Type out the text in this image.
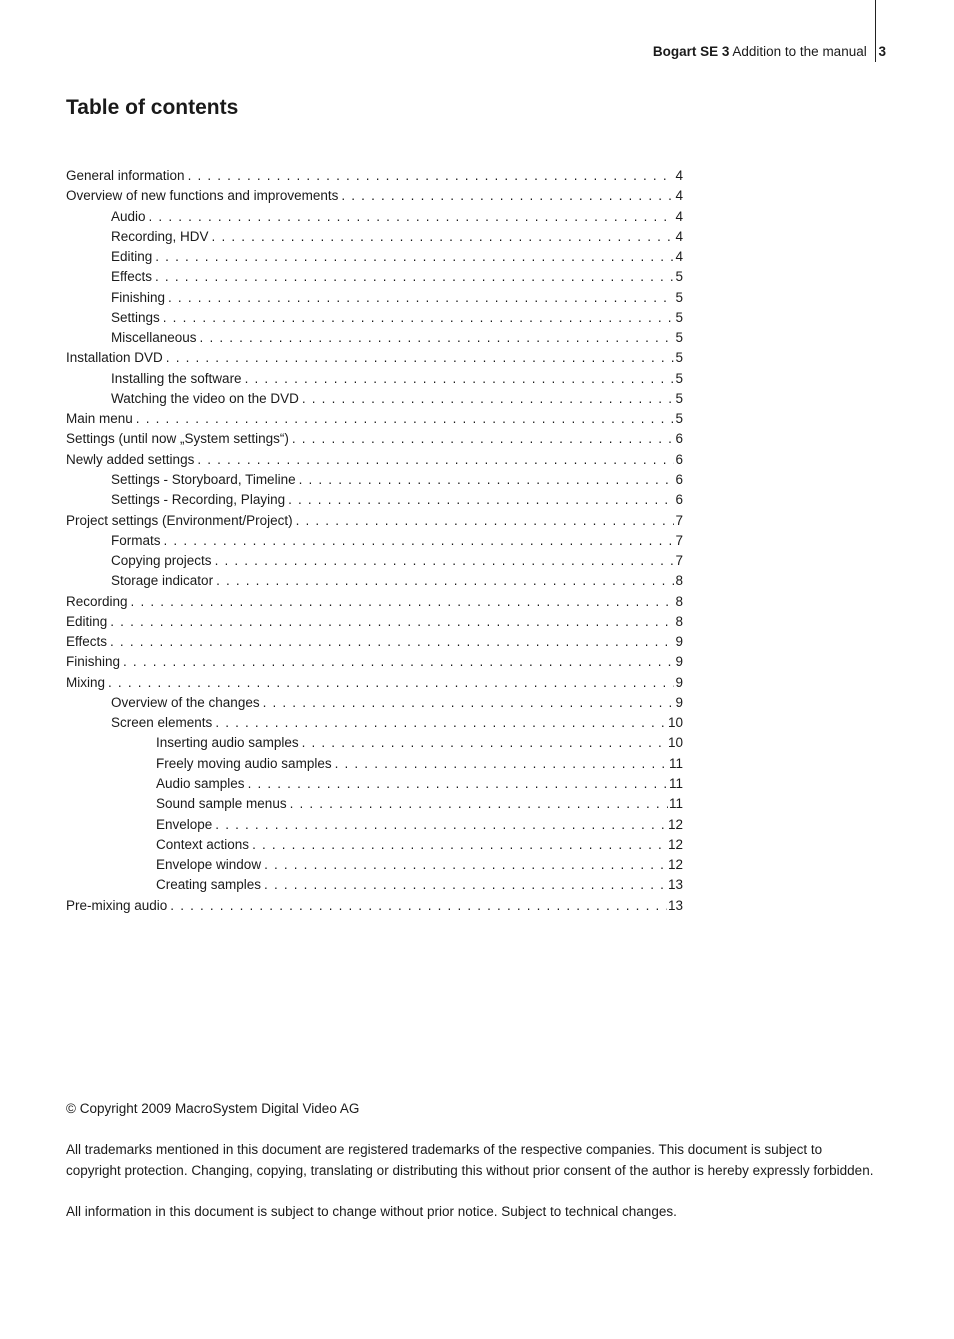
Bogart SE 3 Addition to the manual 3
Table of contents
General information . . .	4
Overview of new functions and improvements . . .	4
Audio . . .	4
Recording, HDV . . .	4
Editing . . .	4
Effects . . .	5
Finishing . . .	5
Settings . . .	5
Miscellaneous . . .	5
Installation DVD . . .	5
Installing the software . . .	5
Watching the video on the DVD . . .	5
Main menu . . .	5
Settings (until now „System settings“) . . .	6
Newly added settings . . .	6
Settings - Storyboard, Timeline . . .	6
Settings - Recording, Playing . . .	6
Project settings (Environment/Project) . . .	7
Formats . . .	7
Copying projects . . .	7
Storage indicator . . .	8
Recording . . .	8
Editing . . .	8
Effects . . .	9
Finishing . . .	9
Mixing . . .	9
Overview of the changes . . .	9
Screen elements . . .	10
Inserting audio samples . . .	10
Freely moving audio samples . . .	11
Audio samples . . .	11
Sound sample menus . . .	11
Envelope . . .	12
Context actions . . .	12
Envelope window . . .	12
Creating samples . . .	13
Pre-mixing audio . . .	13

© Copyright 2009 MacroSystem Digital Video AG

All trademarks mentioned in this document are registered trademarks of the respective companies. This document is subject to copyright protection. Changing, copying, translating or distributing this without prior consent of the author is hereby expressly forbidden.

All information in this document is subject to change without prior notice. Subject to technical changes.
